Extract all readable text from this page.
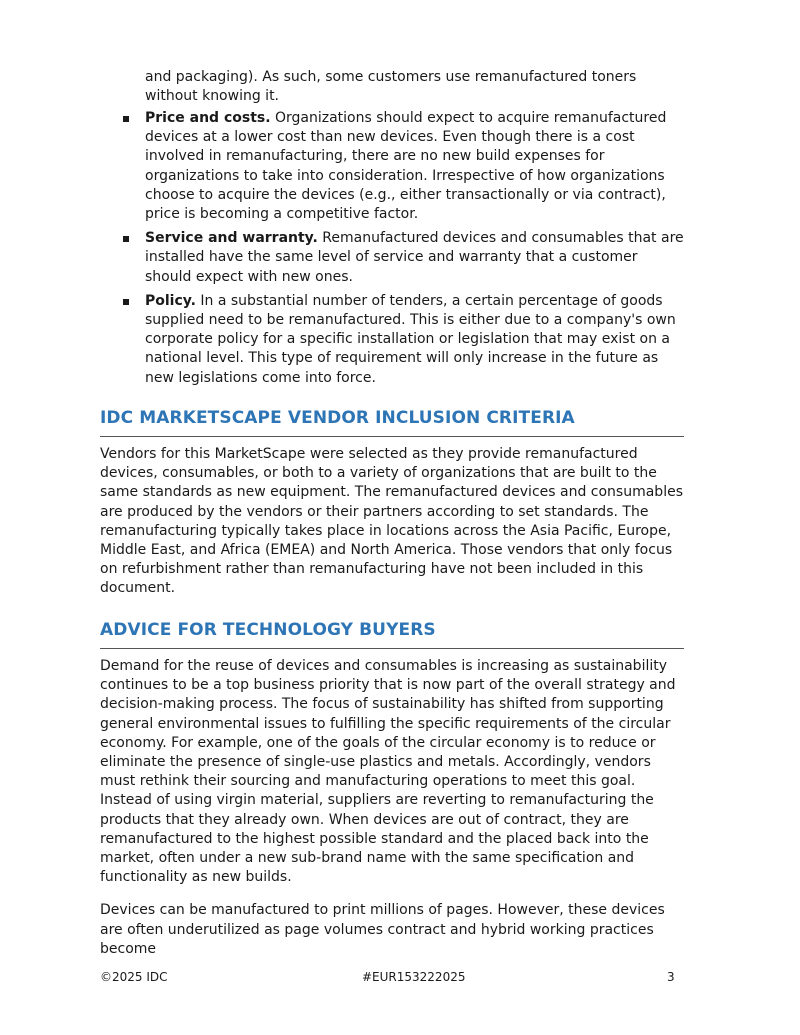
and packaging). As such, some customers use remanufactured toners without knowing it.
Price and costs. Organizations should expect to acquire remanufactured devices at a lower cost than new devices. Even though there is a cost involved in remanufacturing, there are no new build expenses for organizations to take into consideration. Irrespective of how organizations choose to acquire the devices (e.g., either transactionally or via contract), price is becoming a competitive factor.
Service and warranty. Remanufactured devices and consumables that are installed have the same level of service and warranty that a customer should expect with new ones.
Policy. In a substantial number of tenders, a certain percentage of goods supplied need to be remanufactured. This is either due to a company's own corporate policy for a specific installation or legislation that may exist on a national level. This type of requirement will only increase in the future as new legislations come into force.
IDC MARKETSCAPE VENDOR INCLUSION CRITERIA

Vendors for this MarketScape were selected as they provide remanufactured devices, consumables, or both to a variety of organizations that are built to the same standards as new equipment. The remanufactured devices and consumables are produced by the vendors or their partners according to set standards. The remanufacturing typically takes place in locations across the Asia Pacific, Europe, Middle East, and Africa (EMEA) and North America. Those vendors that only focus on refurbishment rather than remanufacturing have not been included in this document.

ADVICE FOR TECHNOLOGY BUYERS

Demand for the reuse of devices and consumables is increasing as sustainability continues to be a top business priority that is now part of the overall strategy and decision-making process. The focus of sustainability has shifted from supporting general environmental issues to fulfilling the specific requirements of the circular economy. For example, one of the goals of the circular economy is to reduce or eliminate the presence of single-use plastics and metals. Accordingly, vendors must rethink their sourcing and manufacturing operations to meet this goal. Instead of using virgin material, suppliers are reverting to remanufacturing the products that they already own. When devices are out of contract, they are remanufactured to the highest possible standard and the placed back into the market, often under a new sub-brand name with the same specification and functionality as new builds.

Devices can be manufactured to print millions of pages. However, these devices are often underutilized as page volumes contract and hybrid working practices become

©2025 IDC	#EUR153222025	3
